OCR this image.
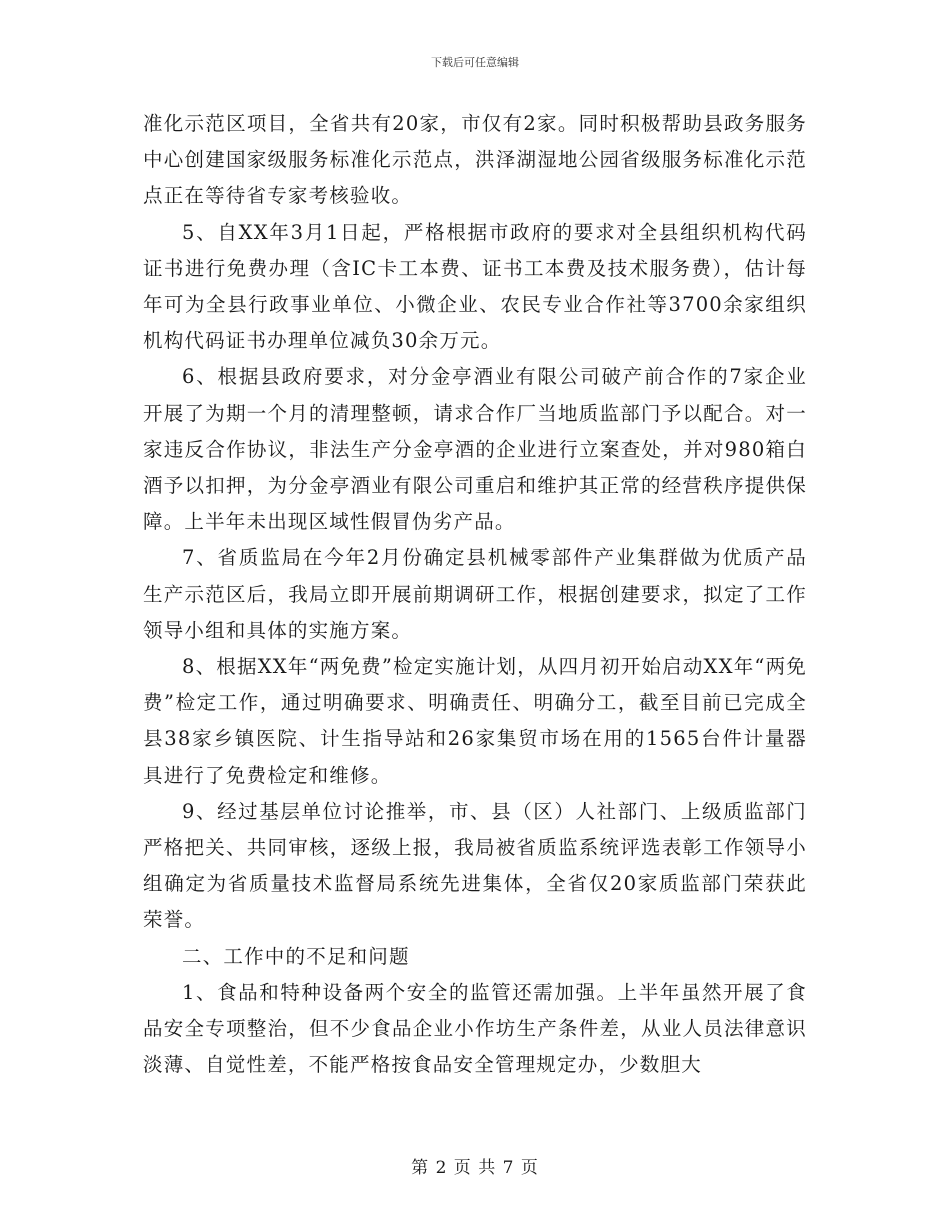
下载后可任意编辑

准化示范区项目，全省共有20家，市仅有2家。同时积极帮助县政务服务中心创建国家级服务标准化示范点，洪泽湖湿地公园省级服务标准化示范点正在等待省专家考核验收。

5、自XX年3月1日起，严格根据市政府的要求对全县组织机构代码证书进行免费办理（含IC卡工本费、证书工本费及技术服务费），估计每年可为全县行政事业单位、小微企业、农民专业合作社等3700余家组织机构代码证书办理单位减负30余万元。

6、根据县政府要求，对分金亭酒业有限公司破产前合作的7家企业开展了为期一个月的清理整顿，请求合作厂当地质监部门予以配合。对一家违反合作协议，非法生产分金亭酒的企业进行立案查处，并对980箱白酒予以扣押，为分金亭酒业有限公司重启和维护其正常的经营秩序提供保障。上半年未出现区域性假冒伪劣产品。

7、省质监局在今年2月份确定县机械零部件产业集群做为优质产品生产示范区后，我局立即开展前期调研工作，根据创建要求，拟定了工作领导小组和具体的实施方案。

8、根据XX年“两免费”检定实施计划，从四月初开始启动XX年“两免费”检定工作，通过明确要求、明确责任、明确分工，截至目前已完成全县38家乡镇医院、计生指导站和26家集贸市场在用的1565台件计量器具进行了免费检定和维修。

9、经过基层单位讨论推举，市、县（区）人社部门、上级质监部门严格把关、共同审核，逐级上报，我局被省质监系统评选表彰工作领导小组确定为省质量技术监督局系统先进集体，全省仅20家质监部门荣获此荣誉。

二、工作中的不足和问题

1、食品和特种设备两个安全的监管还需加强。上半年虽然开展了食品安全专项整治，但不少食品企业小作坊生产条件差，从业人员法律意识淡薄、自觉性差，不能严格按食品安全管理规定办，少数胆大

第 2 页 共 7 页
